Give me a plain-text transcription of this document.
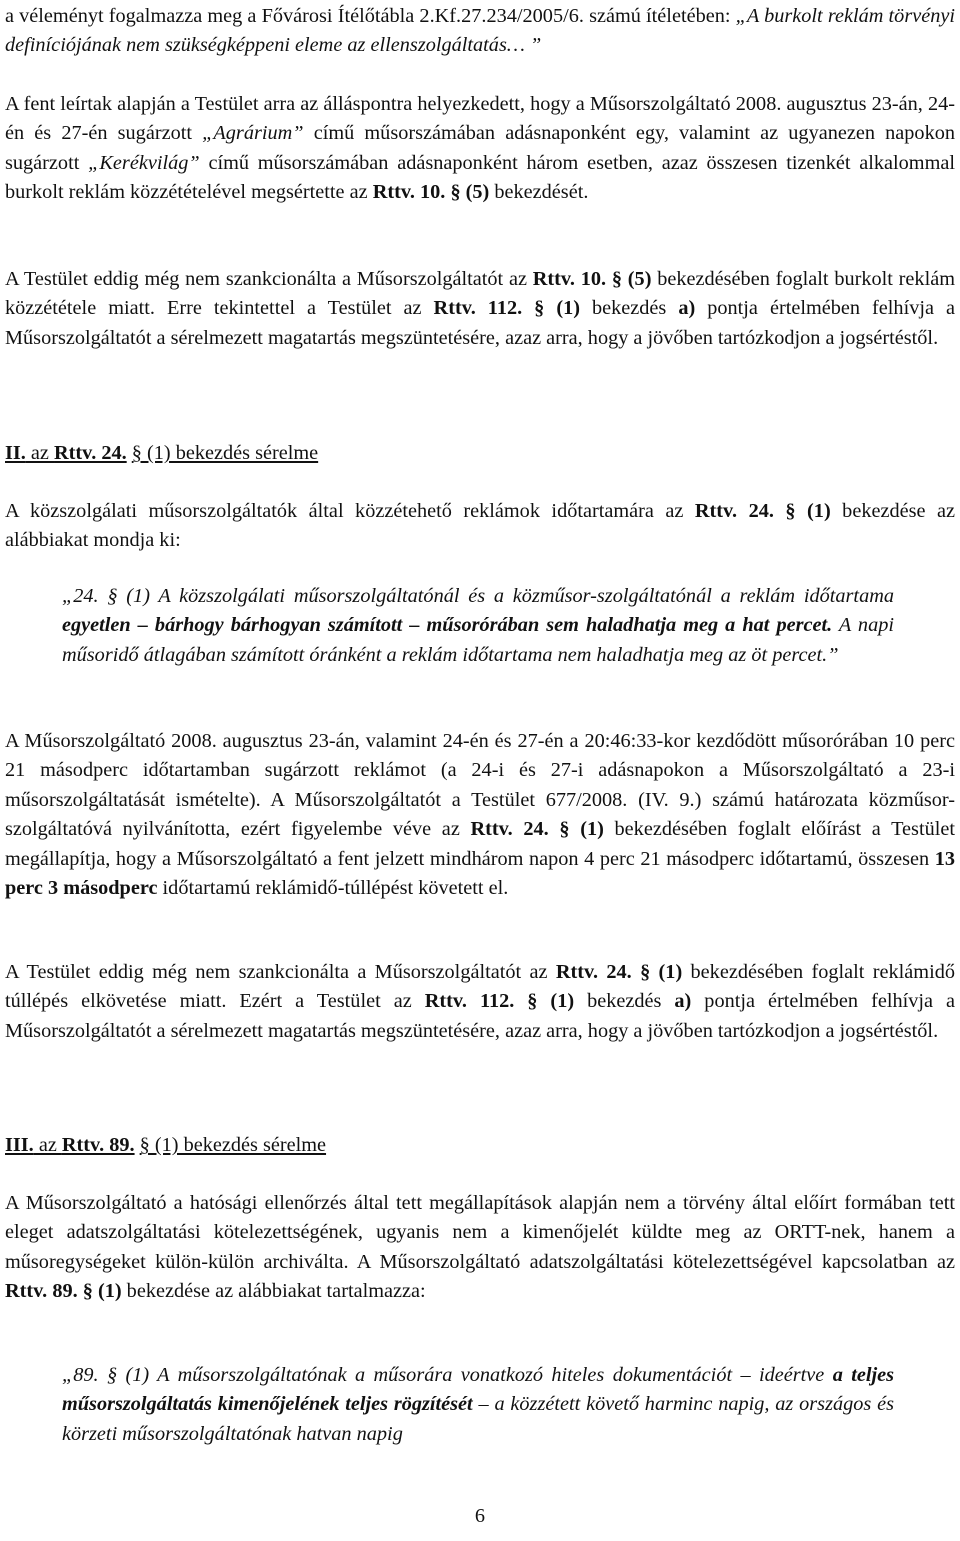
a véleményt fogalmazza meg a Fővárosi Ítélőtábla 2.Kf.27.234/2005/6. számú ítéletében: „A burkolt reklám törvényi definíciójának nem szükségképpeni eleme az ellenszolgáltatás… ”

A fent leírtak alapján a Testület arra az álláspontra helyezkedett, hogy a Műsorszolgáltató 2008. augusztus 23-án, 24-én és 27-én sugárzott „Agrárium” című műsorszámában adásnaponként egy, valamint az ugyanezen napokon sugárzott „Kerékvilág” című műsorszámában adásnaponként három esetben, azaz összesen tizenkét alkalommal burkolt reklám közzétételével megsértette az Rttv. 10. § (5) bekezdését.

A Testület eddig még nem szankcionálta a Műsorszolgáltatót az Rttv. 10. § (5) bekezdésében foglalt burkolt reklám közzététele miatt. Erre tekintettel a Testület az Rttv. 112. § (1) bekezdés a) pontja értelmében felhívja a Műsorszolgáltatót a sérelmezett magatartás megszüntetésére, azaz arra, hogy a jövőben tartózkodjon a jogsértéstől.

II. az Rttv. 24. § (1) bekezdés sérelme

A közszolgálati műsorszolgáltatók által közzétehető reklámok időtartamára az Rttv. 24. § (1) bekezdése az alábbiakat mondja ki:

„24. § (1) A közszolgálati műsorszolgáltatónál és a közműsor-szolgáltatónál a reklám időtartama egyetlen – bárhogy bárhogyan számított – műsorórában sem haladhatja meg a hat percet. A napi műsoridő átlagában számított óránként a reklám időtartama nem haladhatja meg az öt percet.”

A Műsorszolgáltató 2008. augusztus 23-án, valamint 24-én és 27-én a 20:46:33-kor kezdődött műsorórában 10 perc 21 másodperc időtartamban sugárzott reklámot (a 24-i és 27-i adásnapokon a Műsorszolgáltató a 23-i műsorszolgáltatását ismételte). A Műsorszolgáltatót a Testület 677/2008. (IV. 9.) számú határozata közműsor-szolgáltatóvá nyilvánította, ezért figyelembe véve az Rttv. 24. § (1) bekezdésében foglalt előírást a Testület megállapítja, hogy a Műsorszolgáltató a fent jelzett mindhárom napon 4 perc 21 másodperc időtartamú, összesen 13 perc 3 másodperc időtartamú reklámidő-túllépést követett el.

A Testület eddig még nem szankcionálta a Műsorszolgáltatót az Rttv. 24. § (1) bekezdésében foglalt reklámidő túllépés elkövetése miatt. Ezért a Testület az Rttv. 112. § (1) bekezdés a) pontja értelmében felhívja a Műsorszolgáltatót a sérelmezett magatartás megszüntetésére, azaz arra, hogy a jövőben tartózkodjon a jogsértéstől.

III. az Rttv. 89. § (1) bekezdés sérelme

A Műsorszolgáltató a hatósági ellenőrzés által tett megállapítások alapján nem a törvény által előírt formában tett eleget adatszolgáltatási kötelezettségének, ugyanis nem a kimenőjelét küldte meg az ORTT-nek, hanem a műsoregységeket külön-külön archiválta. A Műsorszolgáltató adatszolgáltatási kötelezettségével kapcsolatban az Rttv. 89. § (1) bekezdése az alábbiakat tartalmazza:

„89. § (1) A műsorszolgáltatónak a műsorára vonatkozó hiteles dokumentációt – ideértve a teljes műsorszolgáltatás kimenőjelének teljes rögzítését – a közzétett követő harminc napig, az országos és körzeti műsorszolgáltatónak hatvan napig

6
